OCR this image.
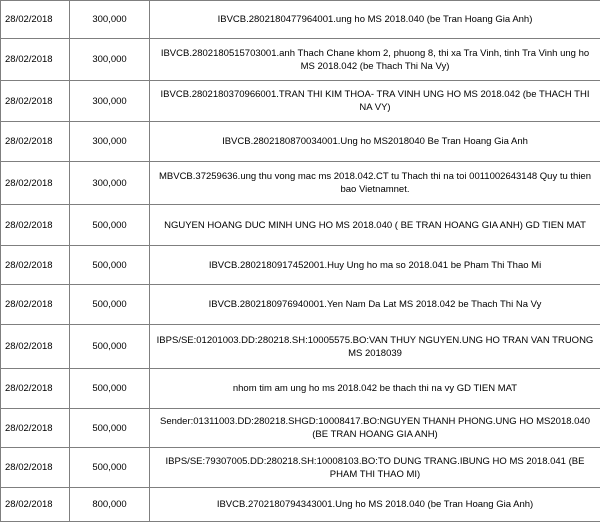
28/02/2018	300,000	IBVCB.2802180477964001.ung ho MS 2018.040 (be Tran Hoang Gia Anh)
28/02/2018	300,000	IBVCB.2802180515703001.anh Thach Chane khom 2, phuong 8, thi xa Tra Vinh, tinh Tra Vinh ung ho MS 2018.042 (be Thach Thi Na Vy)
28/02/2018	300,000	IBVCB.2802180370966001.TRAN THI KIM THOA- TRA VINH UNG HO MS 2018.042 (be THACH THI NA VY)
28/02/2018	300,000	IBVCB.2802180870034001.Ung ho MS2018040 Be Tran Hoang Gia Anh
28/02/2018	300,000	MBVCB.37259636.ung thu vong mac ms 2018.042.CT tu Thach thi na toi 0011002643148 Quy tu thien bao Vietnamnet.
28/02/2018	500,000	NGUYEN HOANG DUC MINH UNG HO MS 2018.040 ( BE TRAN HOANG GIA ANH) GD TIEN MAT
28/02/2018	500,000	IBVCB.2802180917452001.Huy Ung ho ma so 2018.041 be Pham Thi Thao Mi
28/02/2018	500,000	IBVCB.2802180976940001.Yen Nam Da Lat MS 2018.042 be Thach Thi Na Vy
28/02/2018	500,000	IBPS/SE:01201003.DD:280218.SH:10005575.BO:VAN THUY NGUYEN.UNG HO TRAN VAN TRUONG MS 2018039
28/02/2018	500,000	nhom tim am ung ho ms 2018.042 be thach thi na vy GD TIEN MAT
28/02/2018	500,000	Sender:01311003.DD:280218.SHGD:10008417.BO:NGUYEN THANH PHONG.UNG HO MS2018.040 (BE TRAN HOANG GIA ANH)
28/02/2018	500,000	IBPS/SE:79307005.DD:280218.SH:10008103.BO:TO DUNG TRANG.IBUNG HO MS 2018.041 (BE PHAM THI THAO MI)
28/02/2018	800,000	IBVCB.2702180794343001.Ung ho MS 2018.040 (be Tran Hoang Gia Anh)
